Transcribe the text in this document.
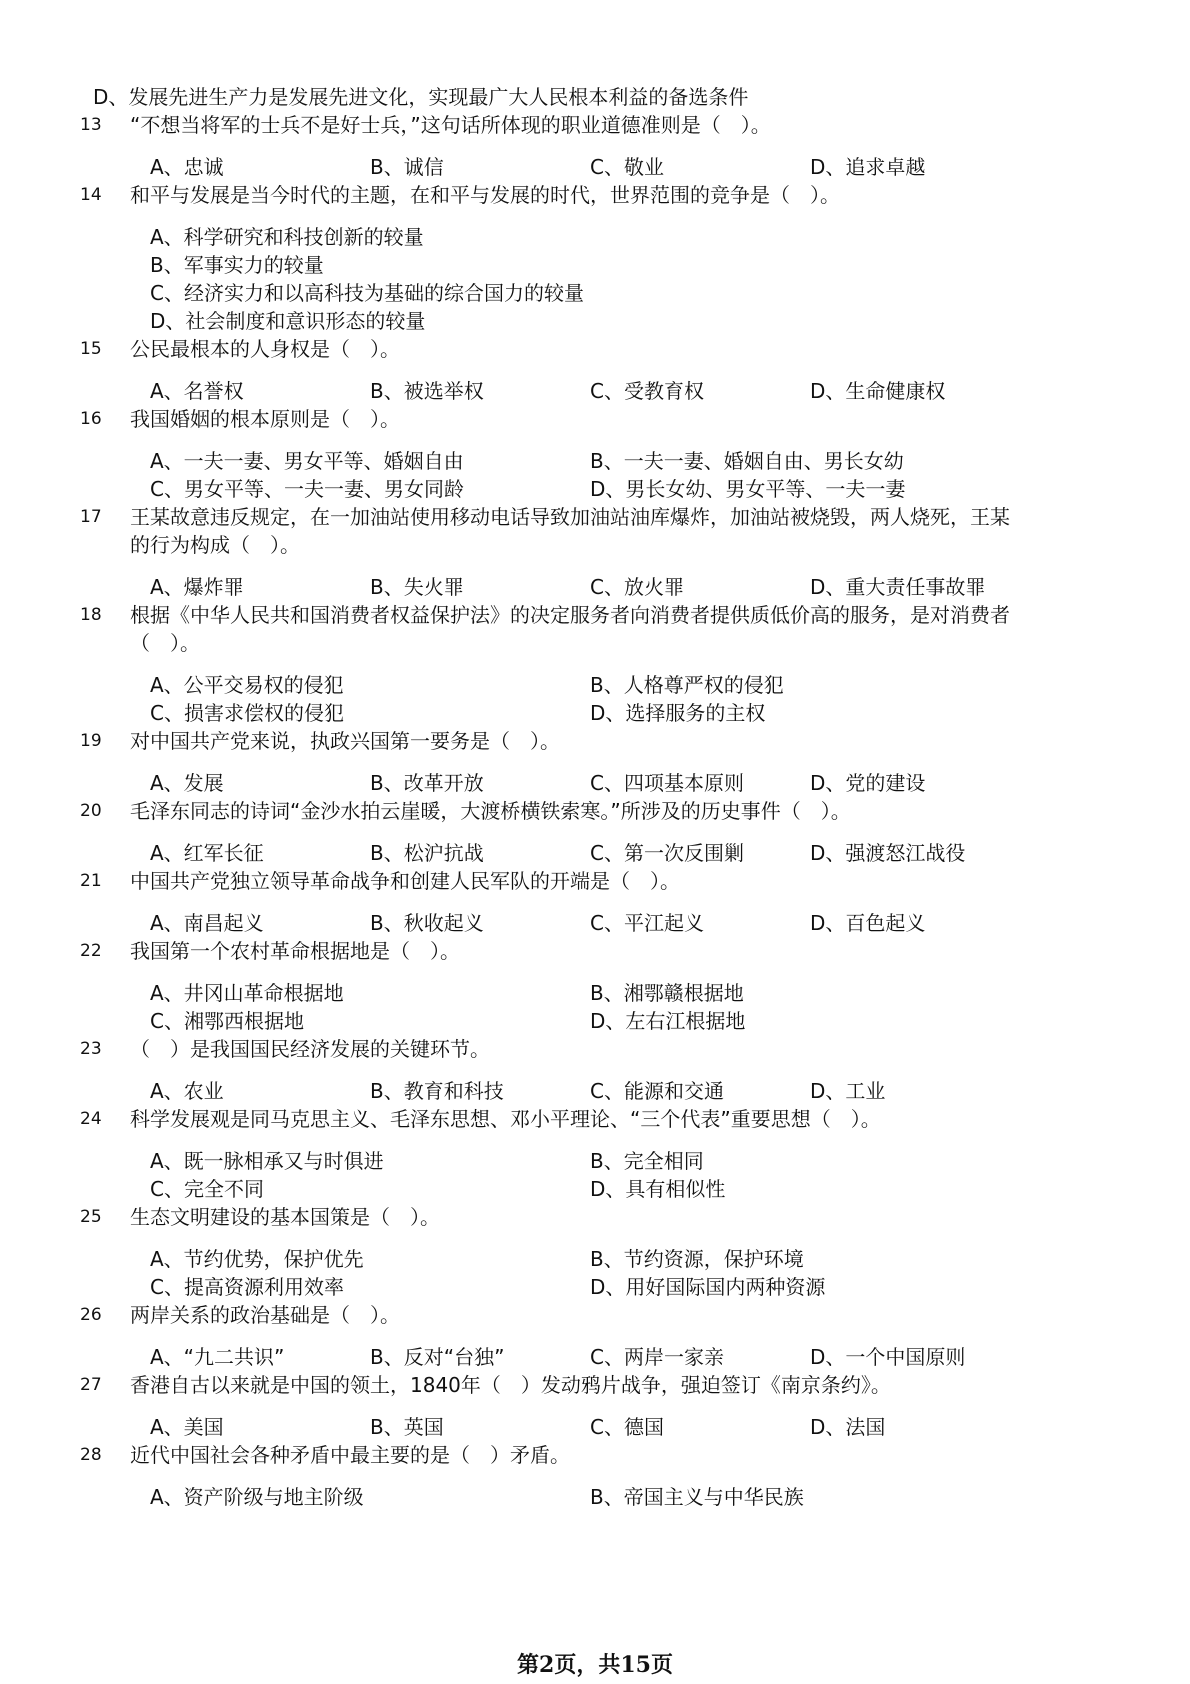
D、发展先进生产力是发展先进文化，实现最广大人民根本利益的备选条件
13 “不想当将军的士兵不是好士兵，”这句话所体现的职业道德准则是（　）。
A、忠诚	B、诚信	C、敬业	D、追求卓越
14 和平与发展是当今时代的主题，在和平与发展的时代，世界范围的竞争是（　）。
A、科学研究和科技创新的较量
B、军事实力的较量
C、经济实力和以高科技为基础的综合国力的较量
D、社会制度和意识形态的较量
15 公民最根本的人身权是（　）。
A、名誉权	B、被选举权	C、受教育权	D、生命健康权
16 我国婚姻的根本原则是（　）。
A、一夫一妻、男女平等、婚姻自由	B、一夫一妻、婚姻自由、男长女幼
C、男女平等、一夫一妻、男女同龄	D、男长女幼、男女平等、一夫一妻
17 王某故意违反规定，在一加油站使用移动电话导致加油站油库爆炸，加油站被烧毁，两人烧死，王某
的行为构成（　）。
A、爆炸罪	B、失火罪	C、放火罪	D、重大责任事故罪
18 根据《中华人民共和国消费者权益保护法》的决定服务者向消费者提供质低价高的服务，是对消费者
（　）。
A、公平交易权的侵犯	B、人格尊严权的侵犯
C、损害求偿权的侵犯	D、选择服务的主权
19 对中国共产党来说，执政兴国第一要务是（　）。
A、发展	B、改革开放	C、四项基本原则	D、党的建设
20 毛泽东同志的诗词“金沙水拍云崖暖，大渡桥横铁索寒。”所涉及的历史事件（　）。
A、红军长征	B、松沪抗战	C、第一次反围剿	D、强渡怒江战役
21 中国共产党独立领导革命战争和创建人民军队的开端是（　）。
A、南昌起义	B、秋收起义	C、平江起义	D、百色起义
22 我国第一个农村革命根据地是（　）。
A、井冈山革命根据地	B、湘鄂赣根据地
C、湘鄂西根据地	D、左右江根据地
23 （　）是我国国民经济发展的关键环节。
A、农业	B、教育和科技	C、能源和交通	D、工业
24 科学发展观是同马克思主义、毛泽东思想、邓小平理论、“三个代表”重要思想（　）。
A、既一脉相承又与时俱进	B、完全相同
C、完全不同	D、具有相似性
25 生态文明建设的基本国策是（　）。
A、节约优势，保护优先	B、节约资源，保护环境
C、提高资源利用效率	D、用好国际国内两种资源
26 两岸关系的政治基础是（　）。
A、“九二共识”	B、反对“台独”	C、两岸一家亲	D、一个中国原则
27 香港自古以来就是中国的领土，1840年（　）发动鸦片战争，强迫签订《南京条约》。
A、美国	B、英国	C、德国	D、法国
28 近代中国社会各种矛盾中最主要的是（　）矛盾。
A、资产阶级与地主阶级	B、帝国主义与中华民族
第2页，共15页
